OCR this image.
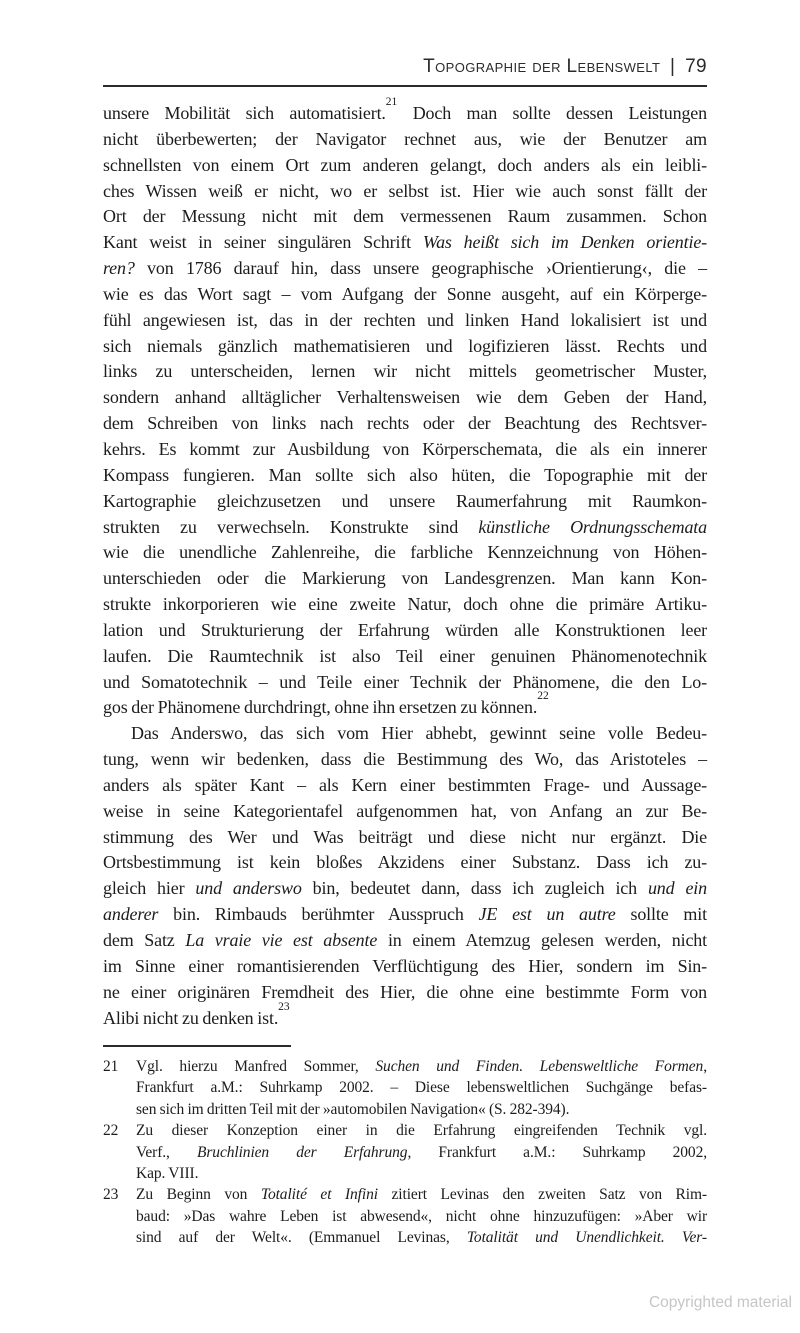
Topographie der Lebenswelt | 79
unsere Mobilität sich automatisiert.$^{21}$ Doch man sollte dessen Leistungen
nicht überbewerten; der Navigator rechnet aus, wie der Benutzer am
schnellsten von einem Ort zum anderen gelangt, doch anders als ein leibli-
ches Wissen weiß er nicht, wo er selbst ist. Hier wie auch sonst fällt der
Ort der Messung nicht mit dem vermessenen Raum zusammen. Schon
Kant weist in seiner singulären Schrift Was heißt sich im Denken orientie-
ren? von 1786 darauf hin, dass unsere geographische ›Orientierung‹, die –
wie es das Wort sagt – vom Aufgang der Sonne ausgeht, auf ein Körperge-
fühl angewiesen ist, das in der rechten und linken Hand lokalisiert ist und
sich niemals gänzlich mathematisieren und logifizieren lässt. Rechts und
links zu unterscheiden, lernen wir nicht mittels geometrischer Muster,
sondern anhand alltäglicher Verhaltensweisen wie dem Geben der Hand,
dem Schreiben von links nach rechts oder der Beachtung des Rechtsver-
kehrs. Es kommt zur Ausbildung von Körperschemata, die als ein innerer
Kompass fungieren. Man sollte sich also hüten, die Topographie mit der
Kartographie gleichzusetzen und unsere Raumerfahrung mit Raumkon-
strukten zu verwechseln. Konstrukte sind künstliche Ordnungsschemata
wie die unendliche Zahlenreihe, die farbliche Kennzeichnung von Höhen-
unterschieden oder die Markierung von Landesgrenzen. Man kann Kon-
strukte inkorporieren wie eine zweite Natur, doch ohne die primäre Artiku-
lation und Strukturierung der Erfahrung würden alle Konstruktionen leer
laufen. Die Raumtechnik ist also Teil einer genuinen Phänomenotechnik
und Somatotechnik – und Teile einer Technik der Phänomene, die den Lo-
gos der Phänomene durchdringt, ohne ihn ersetzen zu können.$^{22}$
Das Anderswo, das sich vom Hier abhebt, gewinnt seine volle Bedeu-
tung, wenn wir bedenken, dass die Bestimmung des Wo, das Aristoteles –
anders als später Kant – als Kern einer bestimmten Frage- und Aussage-
weise in seine Kategorientafel aufgenommen hat, von Anfang an zur Be-
stimmung des Wer und Was beiträgt und diese nicht nur ergänzt. Die
Ortsbestimmung ist kein bloßes Akzidens einer Substanz. Dass ich zu-
gleich hier und anderswo bin, bedeutet dann, dass ich zugleich ich und ein
anderer bin. Rimbauds berühmter Ausspruch JE est un autre sollte mit
dem Satz La vraie vie est absente in einem Atemzug gelesen werden, nicht
im Sinne einer romantisierenden Verflüchtigung des Hier, sondern im Sin-
ne einer originären Fremdheit des Hier, die ohne eine bestimmte Form von
Alibi nicht zu denken ist.$^{23}$
21 Vgl. hierzu Manfred Sommer, Suchen und Finden. Lebensweltliche Formen,
Frankfurt a.M.: Suhrkamp 2002. – Diese lebensweltlichen Suchgänge befas-
sen sich im dritten Teil mit der »automobilen Navigation« (S. 282-394).
22 Zu dieser Konzeption einer in die Erfahrung eingreifenden Technik vgl.
Verf., Bruchlinien der Erfahrung, Frankfurt a.M.: Suhrkamp 2002,
Kap. VIII.
23 Zu Beginn von Totalité et Infini zitiert Levinas den zweiten Satz von Rim-
baud: »Das wahre Leben ist abwesend«, nicht ohne hinzuzufügen: »Aber wir
sind auf der Welt«. (Emmanuel Levinas, Totalität und Unendlichkeit. Ver-
Copyrighted material
